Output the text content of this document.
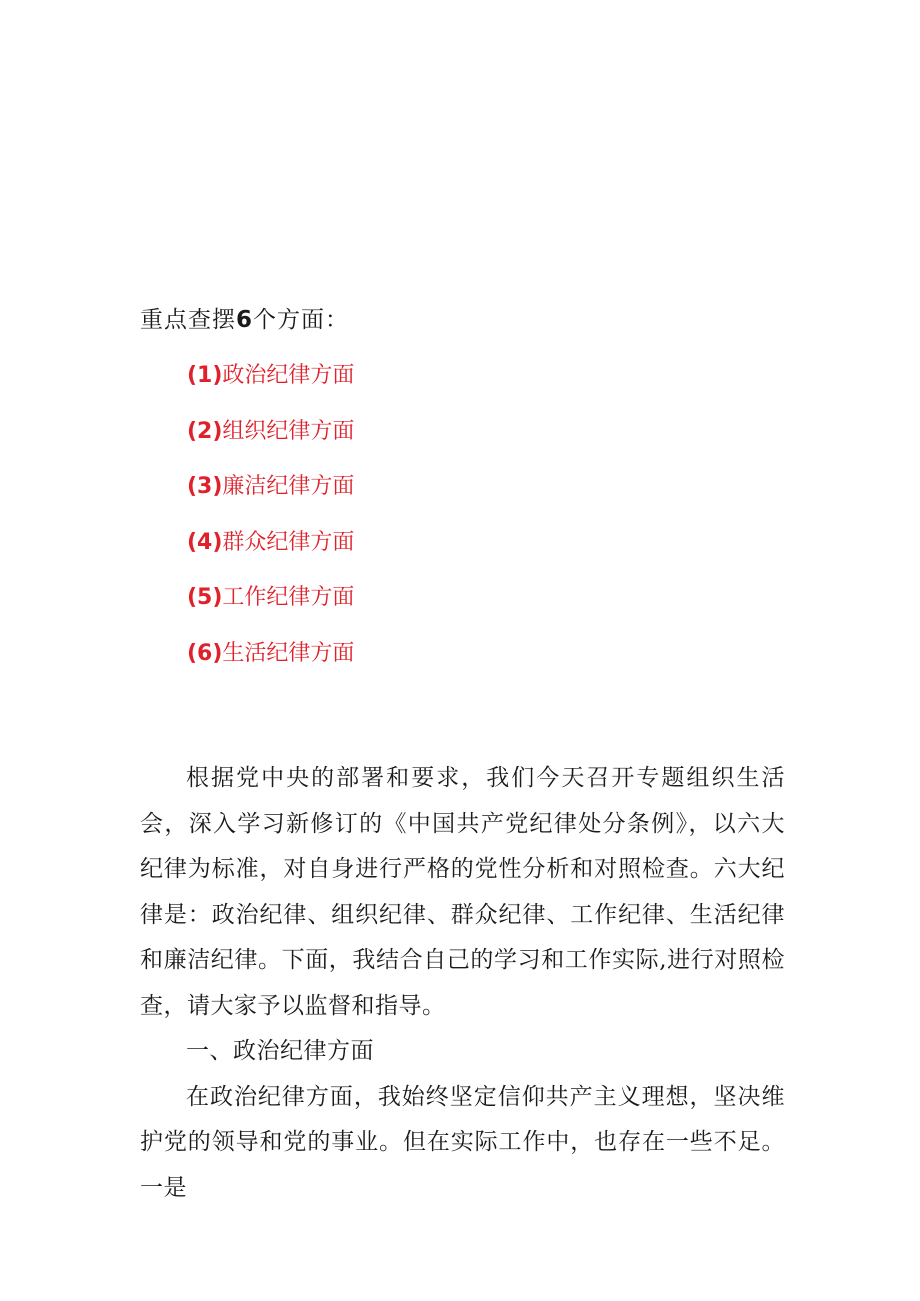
重点查摆6个方面：
(1)政治纪律方面
(2)组织纪律方面
(3)廉洁纪律方面
(4)群众纪律方面
(5)工作纪律方面
(6)生活纪律方面

根据党中央的部署和要求，我们今天召开专题组织生活会，深入学习新修订的《中国共产党纪律处分条例》，以六大纪律为标准，对自身进行严格的党性分析和对照检查。六大纪律是：政治纪律、组织纪律、群众纪律、工作纪律、生活纪律和廉洁纪律。下面，我结合自己的学习和工作实际,进行对照检查，请大家予以监督和指导。

一、政治纪律方面

在政治纪律方面，我始终坚定信仰共产主义理想，坚决维护党的领导和党的事业。但在实际工作中，也存在一些不足。一是
